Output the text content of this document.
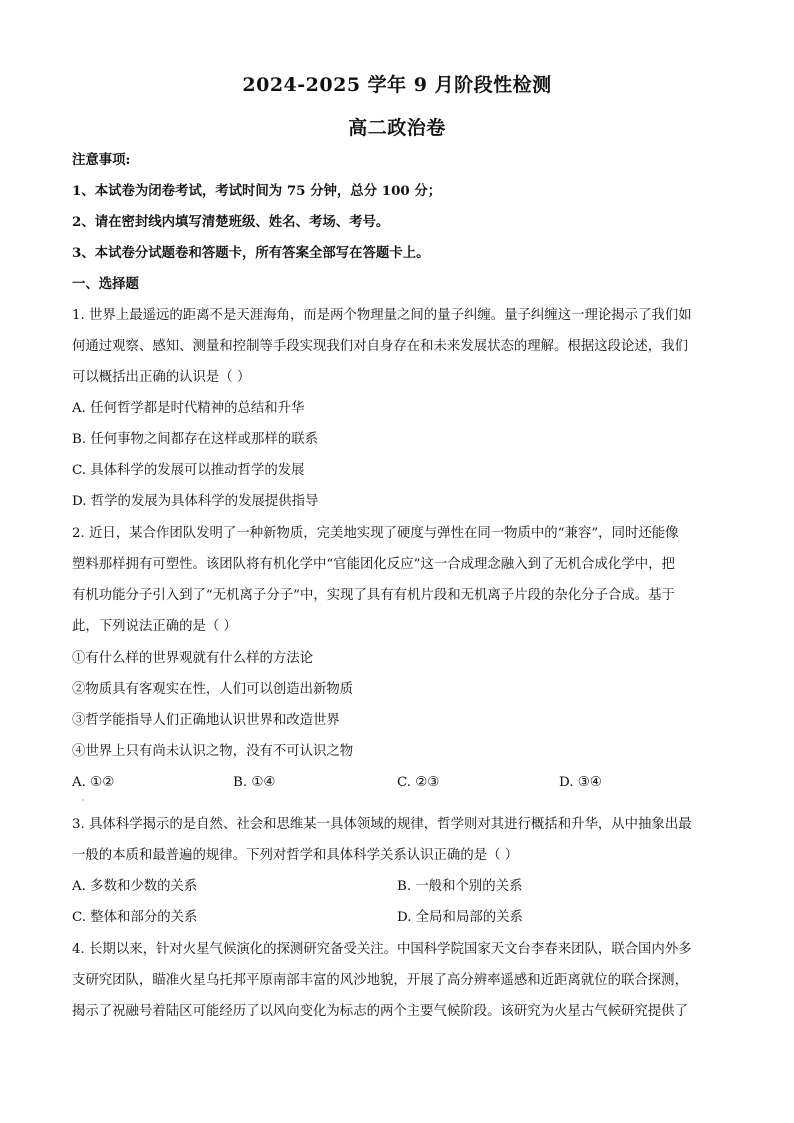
2024-2025 学年 9 月阶段性检测
高二政治卷
注意事项:
1、本试卷为闭卷考试，考试时间为 75 分钟，总分 100 分；
2、请在密封线内填写清楚班级、姓名、考场、考号。
3、本试卷分试题卷和答题卡，所有答案全部写在答题卡上。
一、选择题
1. 世界上最遥远的距离不是天涯海角，而是两个物理量之间的量子纠缠。量子纠缠这一理论揭示了我们如
何通过观察、感知、测量和控制等手段实现我们对自身存在和未来发展状态的理解。根据这段论述，我们
可以概括出正确的认识是（ ）
A. 任何哲学都是时代精神的总结和升华
B. 任何事物之间都存在这样或那样的联系
C. 具体科学的发展可以推动哲学的发展
D. 哲学的发展为具体科学的发展提供指导
2. 近日，某合作团队发明了一种新物质，完美地实现了硬度与弹性在同一物质中的“兼容”，同时还能像
塑料那样拥有可塑性。该团队将有机化学中“官能团化反应”这一合成理念融入到了无机合成化学中，把
有机功能分子引入到了“无机离子分子”中，实现了具有有机片段和无机离子片段的杂化分子合成。基于
此，下列说法正确的是（ ）
①有什么样的世界观就有什么样的方法论
②物质具有客观实在性，人们可以创造出新物质
③哲学能指导人们正确地认识世界和改造世界
④世界上只有尚未认识之物，没有不可认识之物
A. ①②	B. ①④	C. ②③	D. ③④
·
3. 具体科学揭示的是自然、社会和思维某一具体领域的规律，哲学则对其进行概括和升华，从中抽象出最
一般的本质和最普遍的规律。下列对哲学和具体科学关系认识正确的是（ ）
A. 多数和少数的关系	B. 一般和个别的关系
C. 整体和部分的关系	D. 全局和局部的关系
4. 长期以来，针对火星气候演化的探测研究备受关注。中国科学院国家天文台李春来团队，联合国内外多
支研究团队，瞄准火星乌托邦平原南部丰富的风沙地貌，开展了高分辨率遥感和近距离就位的联合探测，
揭示了祝融号着陆区可能经历了以风向变化为标志的两个主要气候阶段。该研究为火星古气候研究提供了
